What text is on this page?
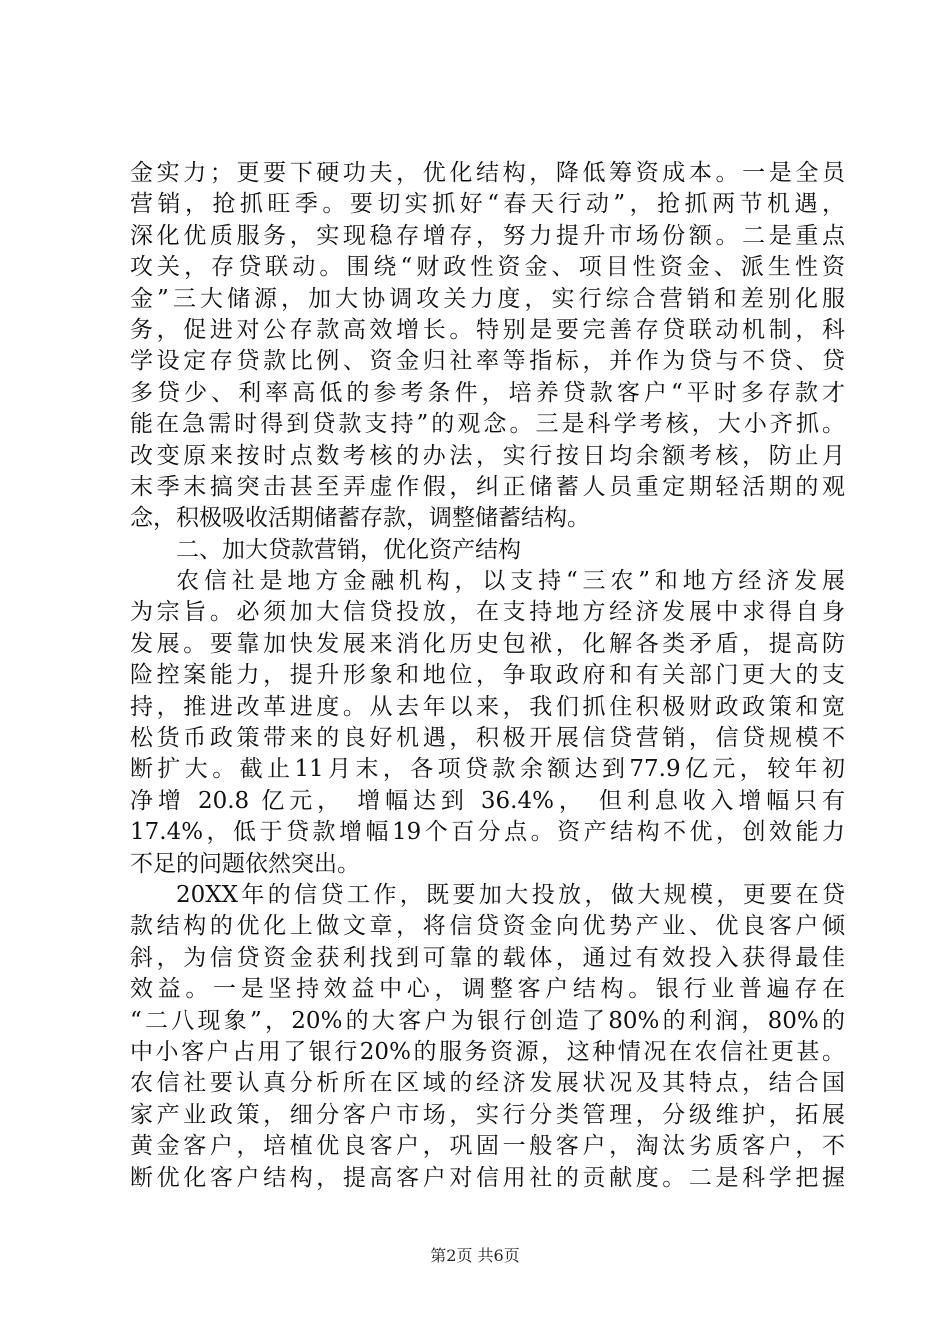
金实力；更要下硬功夫，优化结构，降低筹资成本。一是全员
营销，抢抓旺季。要切实抓好“春天行动”，抢抓两节机遇，
深化优质服务，实现稳存增存，努力提升市场份额。二是重点
攻关，存贷联动。围绕“财政性资金、项目性资金、派生性资
金”三大储源，加大协调攻关力度，实行综合营销和差别化服
务，促进对公存款高效增长。特别是要完善存贷联动机制，科
学设定存贷款比例、资金归社率等指标，并作为贷与不贷、贷
多贷少、利率高低的参考条件，培养贷款客户“平时多存款才
能在急需时得到贷款支持”的观念。三是科学考核，大小齐抓。
改变原来按时点数考核的办法，实行按日均余额考核，防止月
末季末搞突击甚至弄虚作假，纠正储蓄人员重定期轻活期的观
念，积极吸收活期储蓄存款，调整储蓄结构。
二、加大贷款营销，优化资产结构
农信社是地方金融机构，以支持“三农”和地方经济发展
为宗旨。必须加大信贷投放，在支持地方经济发展中求得自身
发展。要靠加快发展来消化历史包袱，化解各类矛盾，提高防
险控案能力，提升形象和地位，争取政府和有关部门更大的支
持，推进改革进度。从去年以来，我们抓住积极财政政策和宽
松货币政策带来的良好机遇，积极开展信贷营销，信贷规模不
断扩大。截止11月末，各项贷款余额达到77.9亿元，较年初
净增 20.8 亿元， 增幅达到 36.4%， 但利息收入增幅只有
17.4%，低于贷款增幅19个百分点。资产结构不优，创效能力
不足的问题依然突出。
20XX年的信贷工作，既要加大投放，做大规模，更要在贷
款结构的优化上做文章，将信贷资金向优势产业、优良客户倾
斜，为信贷资金获利找到可靠的载体，通过有效投入获得最佳
效益。一是坚持效益中心，调整客户结构。银行业普遍存在
“二八现象”，20%的大客户为银行创造了80%的利润，80%的
中小客户占用了银行20%的服务资源，这种情况在农信社更甚。
农信社要认真分析所在区域的经济发展状况及其特点，结合国
家产业政策，细分客户市场，实行分类管理，分级维护，拓展
黄金客户，培植优良客户，巩固一般客户，淘汰劣质客户，不
断优化客户结构，提高客户对信用社的贡献度。二是科学把握
第2页 共6页
